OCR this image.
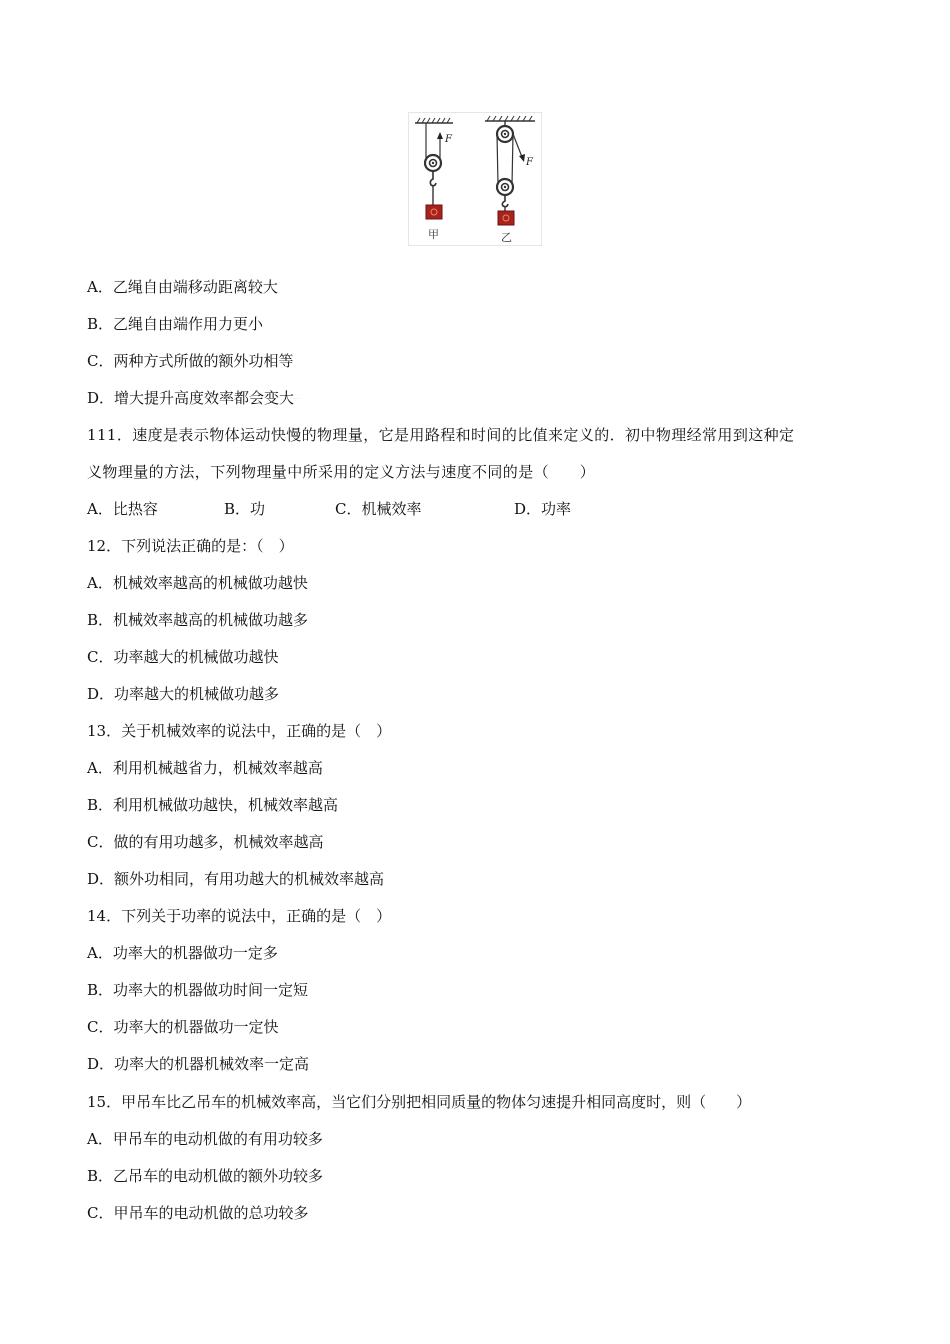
F
甲
F
乙
A．乙绳自由端移动距离较大
B．乙绳自由端作用力更小
C．两种方式所做的额外功相等
D．增大提升高度效率都会变大····
111．速度是表示物体运动快慢的物理量，它是用路程和时间的比值来定义的．初中物理经常用到这种定
义物理量的方法，下列物理量中所采用的定义方法与速度不同的是（　　）
A．比热容	B．功	C．机械效率	D．功率
12．下列说法正确的是：（　）
A．机械效率越高的机械做功越快
B．机械效率越高的机械做功越多
C．功率越大的机械做功越快
D．功率越大的机械做功越多
13．关于机械效率的说法中，正确的是（　）
A．利用机械越省力，机械效率越高
B．利用机械做功越快，机械效率越高
C．做的有用功越多，机械效率越高
D．额外功相同，有用功越大的机械效率越高
14．下列关于功率的说法中，正确的是（　）
A．功率大的机器做功一定多
B．功率大的机器做功时间一定短
C．功率大的机器做功一定快
D．功率大的机器机械效率一定高
15．甲吊车比乙吊车的机械效率高，当它们分别把相同质量的物体匀速提升相同高度时，则（　　）
A．甲吊车的电动机做的有用功较多
B．乙吊车的电动机做的额外功较多
C．甲吊车的电动机做的总功较多
